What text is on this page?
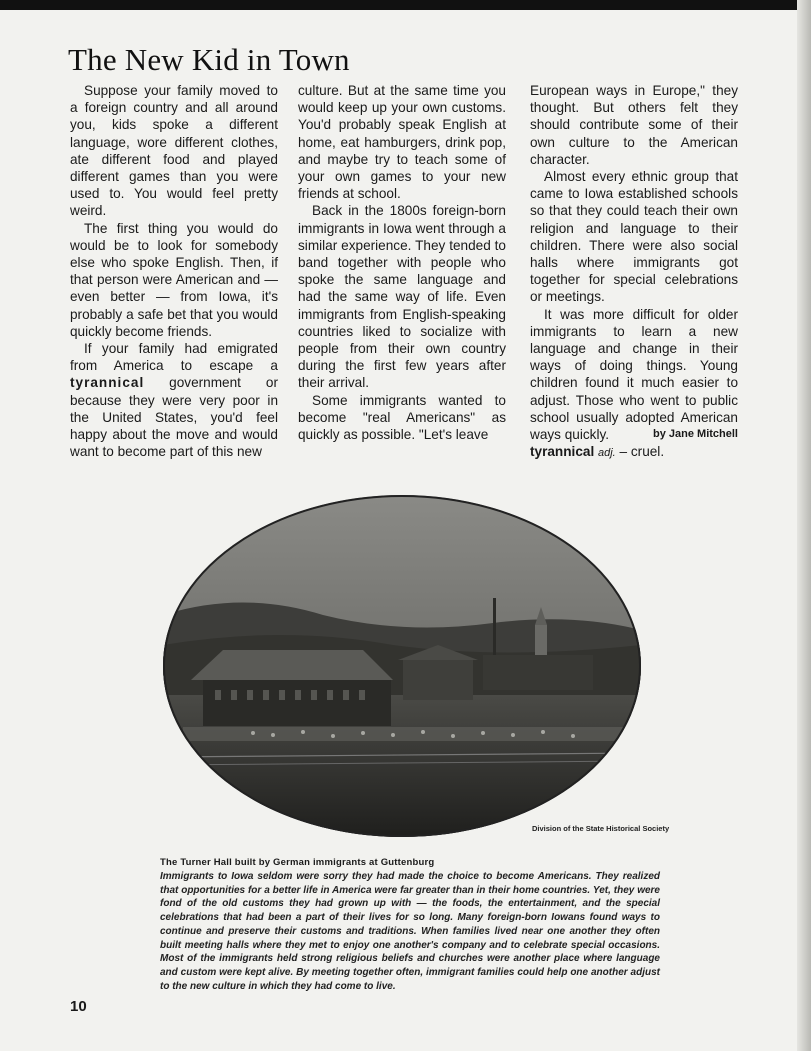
The New Kid in Town

Suppose your family moved to a foreign country and all around you, kids spoke a different language, wore different clothes, ate different food and played different games than you were used to. You would feel pretty weird.

The first thing you would do would be to look for somebody else who spoke English. Then, if that person were American and — even better — from Iowa, it's probably a safe bet that you would quickly become friends.

If your family had emigrated from America to escape a tyrannical government or because they were very poor in the United States, you'd feel happy about the move and would want to become part of this new

culture. But at the same time you would keep up your own customs. You'd probably speak English at home, eat hamburgers, drink pop, and maybe try to teach some of your own games to your new friends at school.

Back in the 1800s foreign-born immigrants in Iowa went through a similar experience. They tended to band together with people who spoke the same language and had the same way of life. Even immigrants from English-speaking countries liked to socialize with people from their own country during the first few years after their arrival.

Some immigrants wanted to become "real Americans" as quickly as possible. "Let's leave

European ways in Europe," they thought. But others felt they should contribute some of their own culture to the American character.

Almost every ethnic group that came to Iowa established schools so that they could teach their own religion and language to their children. There were also social halls where immigrants got together for special celebrations or meetings.

It was more difficult for older immigrants to learn a new language and change in their ways of doing things. Young children found it much easier to adjust. Those who went to public school usually adopted American ways quickly.	by Jane Mitchell

tyrannical adj. – cruel.

Division of the State Historical Society

The Turner Hall built by German immigrants at Guttenburg

Immigrants to Iowa seldom were sorry they had made the choice to become Americans. They realized that opportunities for a better life in America were far greater than in their home countries. Yet, they were fond of the old customs they had grown up with — the foods, the entertainment, and the special celebrations that had been a part of their lives for so long. Many foreign-born Iowans found ways to continue and preserve their customs and traditions. When families lived near one another they often built meeting halls where they met to enjoy one another's company and to celebrate special occasions. Most of the immigrants held strong religious beliefs and churches were another place where language and custom were kept alive. By meeting together often, immigrant families could help one another adjust to the new culture in which they had come to live.

10
